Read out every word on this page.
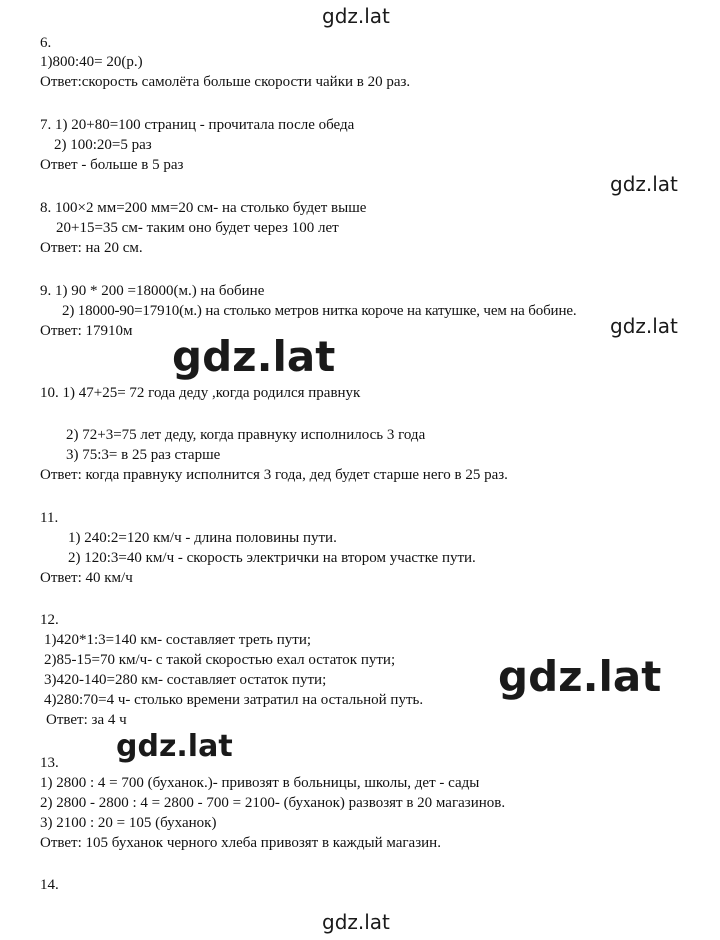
6.
1)800:40= 20(р.)
Ответ:скорость самолёта больше скорости чайки в 20 раз.
7. 1) 20+80=100 страниц - прочитала после обеда
2) 100:20=5 раз
Ответ - больше в 5 раз
8. 100×2 мм=200 мм=20 см- на столько будет выше
20+15=35 см- таким оно будет через 100 лет
Ответ: на 20 см.
9. 1) 90 * 200 =18000(м.) на бобине
2) 18000-90=17910(м.) на столько метров нитка короче на катушке, чем на бобине.
Ответ: 17910м
10. 1) 47+25= 72 года деду ,когда родился правнук
2) 72+3=75 лет деду, когда правнуку исполнилось 3 года
3) 75:3= в 25 раз старше
Ответ: когда правнуку исполнится 3 года, дед будет старше него в 25 раз.
11.
1) 240:2=120 км/ч - длина половины пути.
2) 120:3=40 км/ч - скорость электрички на втором участке пути.
Ответ: 40 км/ч
12.
1)420*1:3=140 км- составляет треть пути;
2)85-15=70 км/ч- с такой скоростью ехал остаток пути;
3)420-140=280 км- составляет остаток пути;
4)280:70=4 ч- столько времени затратил на остальной путь.
Ответ: за 4 ч
13.
1) 2800 : 4 = 700 (буханок.)- привозят в больницы, школы, дет - сады
2) 2800 - 2800 : 4 = 2800 - 700 = 2100- (буханок) развозят в 20 магазинов.
3) 2100 : 20 = 105 (буханок)
Ответ: 105 буханок черного хлеба привозят в каждый магазин.
14.
gdz.lat
gdz.lat
gdz.lat
gdz.lat
gdz.lat
gdz.lat
gdz.lat
